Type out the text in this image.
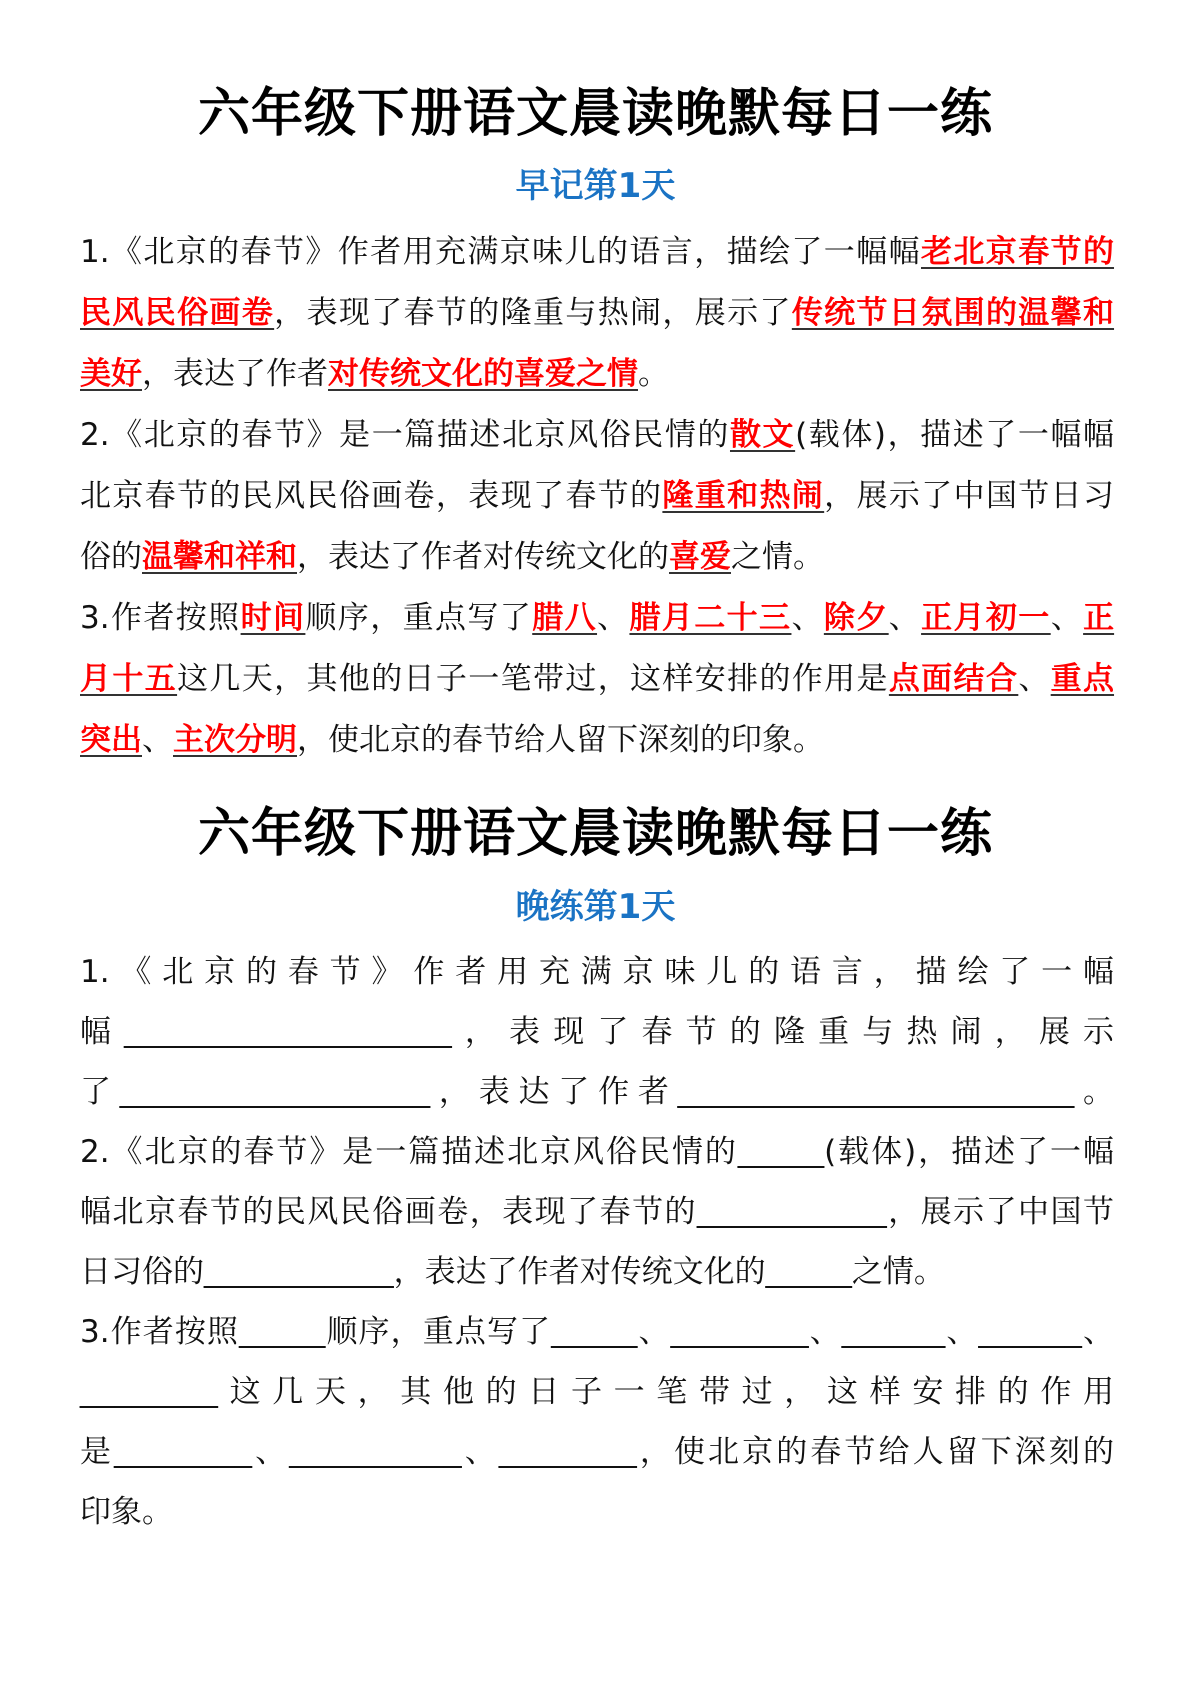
六年级下册语文晨读晚默每日一练
早记第1天
1.《北京的春节》作者用充满京味儿的语言，描绘了一幅幅老北京春节的
民风民俗画卷，表现了春节的隆重与热闹，展示了传统节日氛围的温馨和
美好，表达了作者对传统文化的喜爱之情。
2.《北京的春节》是一篇描述北京风俗民情的散文(载体)，描述了一幅幅
北京春节的民风民俗画卷，表现了春节的隆重和热闹，展示了中国节日习
俗的温馨和祥和，表达了作者对传统文化的喜爱之情。
3.作者按照时间顺序，重点写了腊八、腊月二十三、除夕、正月初一、正
月十五这几天，其他的日子一笔带过，这样安排的作用是点面结合、重点
突出、主次分明，使北京的春节给人留下深刻的印象。
六年级下册语文晨读晚默每日一练
晚练第1天
1.《北京的春节》作者用充满京味儿的语言，描绘了一幅
幅___________________，表现了春节的隆重与热闹，展示
了__________________，表达了作者_______________________。
2.《北京的春节》是一篇描述北京风俗民情的_____(载体)，描述了一幅
幅北京春节的民风民俗画卷，表现了春节的___________，展示了中国节
日习俗的___________，表达了作者对传统文化的_____之情。
3.作者按照_____顺序，重点写了_____、________、______、______、
________这几天，其他的日子一笔带过，这样安排的作用
是________、__________、________，使北京的春节给人留下深刻的
印象。
